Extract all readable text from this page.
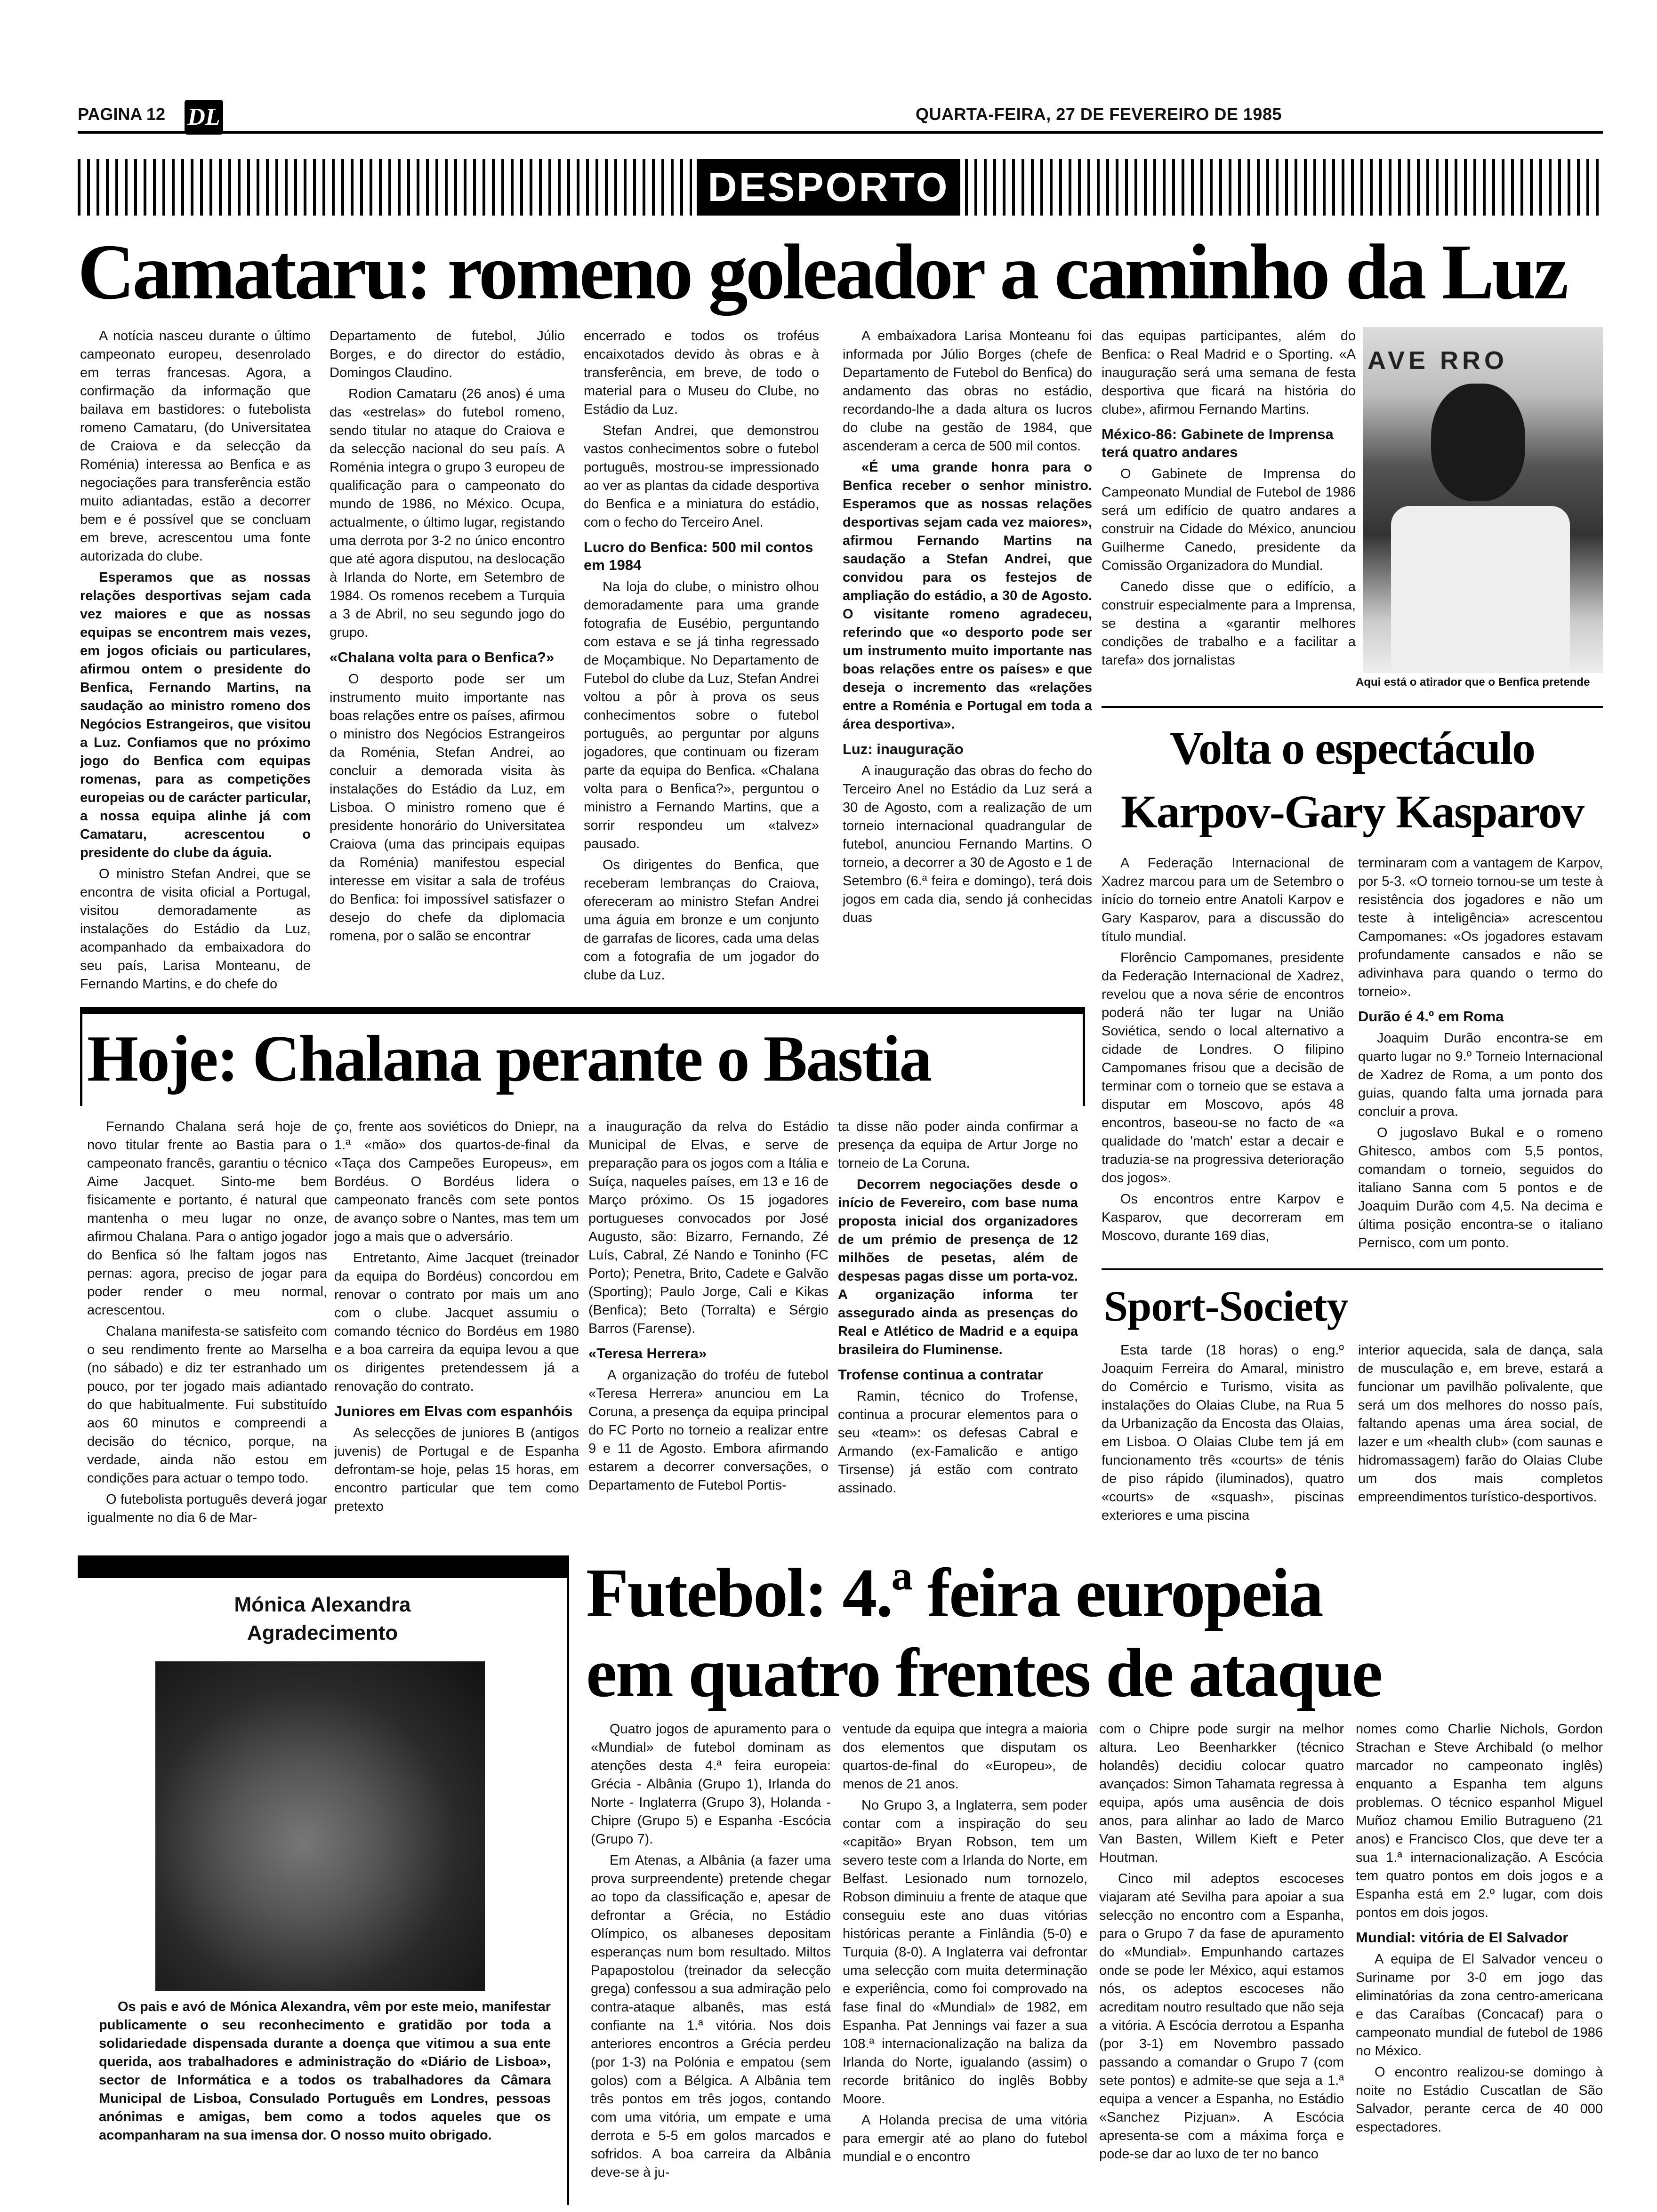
PAGINA 12 DL	QUARTA-FEIRA, 27 DE FEVEREIRO DE 1985
DESPORTO
Camataru: romeno goleador a caminho da Luz

A notícia nasceu durante o último campeonato europeu, desenrolado em terras francesas. Agora, a confirmação da informação que bailava em bastidores: o futebolista romeno Camataru, (do Universitatea de Craiova e da selecção da Roménia) interessa ao Benfica e as negociações para transferência estão muito adiantadas, estão a decorrer bem e é possível que se concluam em breve, acrescentou uma fonte autorizada do clube.

Esperamos que as nossas relações desportivas sejam cada vez maiores e que as nossas equipas se encontrem mais vezes, em jogos oficiais ou particulares, afirmou ontem o presidente do Benfica, Fernando Martins, na saudação ao ministro romeno dos Negócios Estrangeiros, que visitou a Luz. Confiamos que no próximo jogo do Benfica com equipas romenas, para as competições europeias ou de carácter particular, a nossa equipa alinhe já com Camataru, acrescentou o presidente do clube da águia.

O ministro Stefan Andrei, que se encontra de visita oficial a Portugal, visitou demoradamente as instalações do Estádio da Luz, acompanhado da embaixadora do seu país, Larisa Monteanu, de Fernando Martins, e do chefe do

Departamento de futebol, Júlio Borges, e do director do estádio, Domingos Claudino.

Rodion Camataru (26 anos) é uma das «estrelas» do futebol romeno, sendo titular no ataque do Craiova e da selecção nacional do seu país. A Roménia integra o grupo 3 europeu de qualificação para o campeonato do mundo de 1986, no México. Ocupa, actualmente, o último lugar, registando uma derrota por 3-2 no único encontro que até agora disputou, na deslocação à Irlanda do Norte, em Setembro de 1984. Os romenos recebem a Turquia a 3 de Abril, no seu segundo jogo do grupo.

«Chalana volta para o Benfica?»

O desporto pode ser um instrumento muito importante nas boas relações entre os países, afirmou o ministro dos Negócios Estrangeiros da Roménia, Stefan Andrei, ao concluir a demorada visita às instalações do Estádio da Luz, em Lisboa. O ministro romeno que é presidente honorário do Universitatea Craiova (uma das principais equipas da Roménia) manifestou especial interesse em visitar a sala de troféus do Benfica: foi impossível satisfazer o desejo do chefe da diplomacia romena, por o salão se encontrar

encerrado e todos os troféus encaixotados devido às obras e à transferência, em breve, de todo o material para o Museu do Clube, no Estádio da Luz.

Stefan Andrei, que demonstrou vastos conhecimentos sobre o futebol português, mostrou-se impressionado ao ver as plantas da cidade desportiva do Benfica e a miniatura do estádio, com o fecho do Terceiro Anel.

Lucro do Benfica: 500 mil contos em 1984

Na loja do clube, o ministro olhou demoradamente para uma grande fotografia de Eusébio, perguntando com estava e se já tinha regressado de Moçambique. No Departamento de Futebol do clube da Luz, Stefan Andrei voltou a pôr à prova os seus conhecimentos sobre o futebol português, ao perguntar por alguns jogadores, que continuam ou fizeram parte da equipa do Benfica. «Chalana volta para o Benfica?», perguntou o ministro a Fernando Martins, que a sorrir respondeu um «talvez» pausado.

Os dirigentes do Benfica, que receberam lembranças do Craiova, ofereceram ao ministro Stefan Andrei uma águia em bronze e um conjunto de garrafas de licores, cada uma delas com a fotografia de um jogador do clube da Luz.

A embaixadora Larisa Monteanu foi informada por Júlio Borges (chefe de Departamento de Futebol do Benfica) do andamento das obras no estádio, recordando-lhe a dada altura os lucros do clube na gestão de 1984, que ascenderam a cerca de 500 mil contos.

«É uma grande honra para o Benfica receber o senhor ministro. Esperamos que as nossas relações desportivas sejam cada vez maiores», afirmou Fernando Martins na saudação a Stefan Andrei, que convidou para os festejos de ampliação do estádio, a 30 de Agosto. O visitante romeno agradeceu, referindo que «o desporto pode ser um instrumento muito importante nas boas relações entre os países» e que deseja o incremento das «relações entre a Roménia e Portugal em toda a área desportiva».

Luz: inauguração

A inauguração das obras do fecho do Terceiro Anel no Estádio da Luz será a 30 de Agosto, com a realização de um torneio internacional quadrangular de futebol, anunciou Fernando Martins. O torneio, a decorrer a 30 de Agosto e 1 de Setembro (6.ª feira e domingo), terá dois jogos em cada dia, sendo já conhecidas duas

das equipas participantes, além do Benfica: o Real Madrid e o Sporting. «A inauguração será uma semana de festa desportiva que ficará na história do clube», afirmou Fernando Martins.

México-86: Gabinete de Imprensa terá quatro andares

O Gabinete de Imprensa do Campeonato Mundial de Futebol de 1986 será um edifício de quatro andares a construir na Cidade do México, anunciou Guilherme Canedo, presidente da Comissão Organizadora do Mundial.

Canedo disse que o edifício, a construir especialmente para a Imprensa, se destina a «garantir melhores condições de trabalho e a facilitar a tarefa» dos jornalistas

AVE RRO
Aqui está o atirador que o Benfica pretende
Volta o espectáculo
Karpov-Gary Kasparov

A Federação Internacional de Xadrez marcou para um de Setembro o início do torneio entre Anatoli Karpov e Gary Kasparov, para a discussão do título mundial.

Florêncio Campomanes, presidente da Federação Internacional de Xadrez, revelou que a nova série de encontros poderá não ter lugar na União Soviética, sendo o local alternativo a cidade de Londres. O filipino Campomanes frisou que a decisão de terminar com o torneio que se estava a disputar em Moscovo, após 48 encontros, baseou-se no facto de «a qualidade do 'match' estar a decair e traduzia-se na progressiva deterioração dos jogos».

Os encontros entre Karpov e Kasparov, que decorreram em Moscovo, durante 169 dias,

terminaram com a vantagem de Karpov, por 5-3. «O torneio tornou-se um teste à resistência dos jogadores e não um teste à inteligência» acrescentou Campomanes: «Os jogadores estavam profundamente cansados e não se adivinhava para quando o termo do torneio».

Durão é 4.º em Roma

Joaquim Durão encontra-se em quarto lugar no 9.º Torneio Internacional de Xadrez de Roma, a um ponto dos guias, quando falta uma jornada para concluir a prova.

O jugoslavo Bukal e o romeno Ghitesco, ambos com 5,5 pontos, comandam o torneio, seguidos do italiano Sanna com 5 pontos e de Joaquim Durão com 4,5. Na decima e última posição encontra-se o italiano Pernisco, com um ponto.

Hoje: Chalana perante o Bastia

Fernando Chalana será hoje de novo titular frente ao Bastia para o campeonato francês, garantiu o técnico Aime Jacquet. Sinto-me bem fisicamente e portanto, é natural que mantenha o meu lugar no onze, afirmou Chalana. Para o antigo jogador do Benfica só lhe faltam jogos nas pernas: agora, preciso de jogar para poder render o meu normal, acrescentou.

Chalana manifesta-se satisfeito com o seu rendimento frente ao Marselha (no sábado) e diz ter estranhado um pouco, por ter jogado mais adiantado do que habitualmente. Fui substituído aos 60 minutos e compreendi a decisão do técnico, porque, na verdade, ainda não estou em condições para actuar o tempo todo.

O futebolista português deverá jogar igualmente no dia 6 de Mar-

ço, frente aos soviéticos do Dniepr, na 1.ª «mão» dos quartos-de-final da «Taça dos Campeões Europeus», em Bordéus. O Bordéus lidera o campeonato francês com sete pontos de avanço sobre o Nantes, mas tem um jogo a mais que o adversário.

Entretanto, Aime Jacquet (treinador da equipa do Bordéus) concordou em renovar o contrato por mais um ano com o clube. Jacquet assumiu o comando técnico do Bordéus em 1980 e a boa carreira da equipa levou a que os dirigentes pretendessem já a renovação do contrato.

Juniores em Elvas com espanhóis

As selecções de juniores B (antigos juvenis) de Portugal e de Espanha defrontam-se hoje, pelas 15 horas, em encontro particular que tem como pretexto

a inauguração da relva do Estádio Municipal de Elvas, e serve de preparação para os jogos com a Itália e Suíça, naqueles países, em 13 e 16 de Março próximo. Os 15 jogadores portugueses convocados por José Augusto, são: Bizarro, Fernando, Zé Luís, Cabral, Zé Nando e Toninho (FC Porto); Penetra, Brito, Cadete e Galvão (Sporting); Paulo Jorge, Cali e Kikas (Benfica); Beto (Torralta) e Sérgio Barros (Farense).

«Teresa Herrera»

A organização do troféu de futebol «Teresa Herrera» anunciou em La Coruna, a presença da equipa principal do FC Porto no torneio a realizar entre 9 e 11 de Agosto. Embora afirmando estarem a decorrer conversações, o Departamento de Futebol Portis-

ta disse não poder ainda confirmar a presença da equipa de Artur Jorge no torneio de La Coruna.

Decorrem negociações desde o início de Fevereiro, com base numa proposta inicial dos organizadores de um prémio de presença de 12 milhões de pesetas, além de despesas pagas disse um porta-voz. A organização informa ter assegurado ainda as presenças do Real e Atlético de Madrid e a equipa brasileira do Fluminense.

Trofense continua a contratar

Ramin, técnico do Trofense, continua a procurar elementos para o seu «team»: os defesas Cabral e Armando (ex-Famalicão e antigo Tirsense) já estão com contrato assinado.

Sport-Society

Esta tarde (18 horas) o eng.º Joaquim Ferreira do Amaral, ministro do Comércio e Turismo, visita as instalações do Olaias Clube, na Rua 5 da Urbanização da Encosta das Olaias, em Lisboa. O Olaias Clube tem já em funcionamento três «courts» de ténis de piso rápido (iluminados), quatro «courts» de «squash», piscinas exteriores e uma piscina

interior aquecida, sala de dança, sala de musculação e, em breve, estará a funcionar um pavilhão polivalente, que será um dos melhores do nosso país, faltando apenas uma área social, de lazer e um «health club» (com saunas e hidromassagem) farão do Olaias Clube um dos mais completos empreendimentos turístico-desportivos.

Mónica Alexandra
Agradecimento
Os pais e avó de Mónica Alexandra, vêm por este meio, manifestar publicamente o seu reconhecimento e gratidão por toda a solidariedade dispensada durante a doença que vitimou a sua ente querida, aos trabalhadores e administração do «Diário de Lisboa», sector de Informática e a todos os trabalhadores da Câmara Municipal de Lisboa, Consulado Português em Londres, pessoas anónimas e amigas, bem como a todos aqueles que os acompanharam na sua imensa dor. O nosso muito obrigado.
Futebol: 4.ª feira europeia
em quatro frentes de ataque

Quatro jogos de apuramento para o «Mundial» de futebol dominam as atenções desta 4.ª feira europeia: Grécia - Albânia (Grupo 1), Irlanda do Norte - Inglaterra (Grupo 3), Holanda -Chipre (Grupo 5) e Espanha -Escócia (Grupo 7).

Em Atenas, a Albânia (a fazer uma prova surpreendente) pretende chegar ao topo da classificação e, apesar de defrontar a Grécia, no Estádio Olímpico, os albaneses depositam esperanças num bom resultado. Miltos Papapostolou (treinador da selecção grega) confessou a sua admiração pelo contra-ataque albanês, mas está confiante na 1.ª vitória. Nos dois anteriores encontros a Grécia perdeu (por 1-3) na Polónia e empatou (sem golos) com a Bélgica. A Albânia tem três pontos em três jogos, contando com uma vitória, um empate e uma derrota e 5-5 em golos marcados e sofridos. A boa carreira da Albânia deve-se à ju-

ventude da equipa que integra a maioria dos elementos que disputam os quartos-de-final do «Europeu», de menos de 21 anos.

No Grupo 3, a Inglaterra, sem poder contar com a inspiração do seu «capitão» Bryan Robson, tem um severo teste com a Irlanda do Norte, em Belfast. Lesionado num tornozelo, Robson diminuiu a frente de ataque que conseguiu este ano duas vitórias históricas perante a Finlândia (5-0) e Turquia (8-0). A Inglaterra vai defrontar uma selecção com muita determinação e experiência, como foi comprovado na fase final do «Mundial» de 1982, em Espanha. Pat Jennings vai fazer a sua 108.ª internacionalização na baliza da Irlanda do Norte, igualando (assim) o recorde britânico do inglês Bobby Moore.

A Holanda precisa de uma vitória para emergir até ao plano do futebol mundial e o encontro

com o Chipre pode surgir na melhor altura. Leo Beenharkker (técnico holandês) decidiu colocar quatro avançados: Simon Tahamata regressa à equipa, após uma ausência de dois anos, para alinhar ao lado de Marco Van Basten, Willem Kieft e Peter Houtman.

Cinco mil adeptos escoceses viajaram até Sevilha para apoiar a sua selecção no encontro com a Espanha, para o Grupo 7 da fase de apuramento do «Mundial». Empunhando cartazes onde se pode ler México, aqui estamos nós, os adeptos escoceses não acreditam noutro resultado que não seja a vitória. A Escócia derrotou a Espanha (por 3-1) em Novembro passado passando a comandar o Grupo 7 (com sete pontos) e admite-se que seja a 1.ª equipa a vencer a Espanha, no Estádio «Sanchez Pizjuan». A Escócia apresenta-se com a máxima força e pode-se dar ao luxo de ter no banco

nomes como Charlie Nichols, Gordon Strachan e Steve Archibald (o melhor marcador no campeonato inglês) enquanto a Espanha tem alguns problemas. O técnico espanhol Miguel Muñoz chamou Emilio Butragueno (21 anos) e Francisco Clos, que deve ter a sua 1.ª internacionalização. A Escócia tem quatro pontos em dois jogos e a Espanha está em 2.º lugar, com dois pontos em dois jogos.

Mundial: vitória de El Salvador

A equipa de El Salvador venceu o Suriname por 3-0 em jogo das eliminatórias da zona centro-americana e das Caraíbas (Concacaf) para o campeonato mundial de futebol de 1986 no México.

O encontro realizou-se domingo à noite no Estádio Cuscatlan de São Salvador, perante cerca de 40 000 espectadores.
